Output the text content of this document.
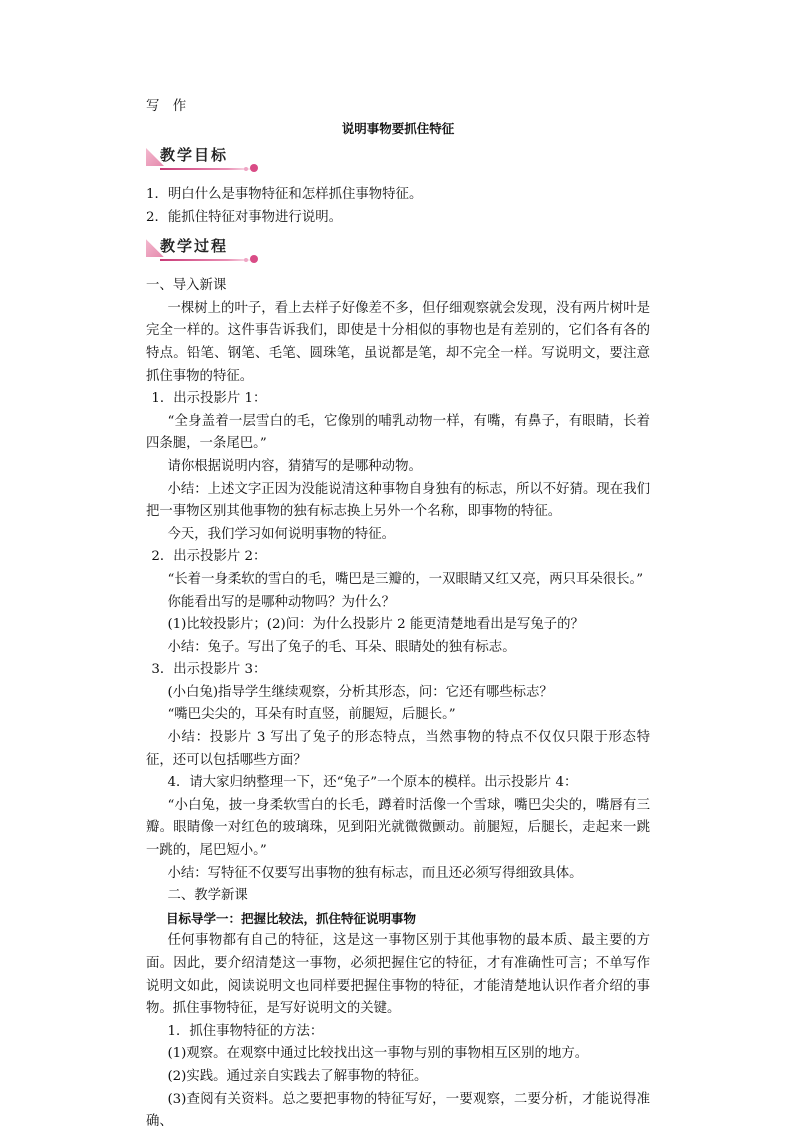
写　作

说明事物要抓住特征

教学目标

1．明白什么是事物特征和怎样抓住事物特征。

2．能抓住特征对事物进行说明。

教学过程

一、导入新课

一棵树上的叶子，看上去样子好像差不多，但仔细观察就会发现，没有两片树叶是完全一样的。这件事告诉我们，即使是十分相似的事物也是有差别的，它们各有各的特点。铅笔、钢笔、毛笔、圆珠笔，虽说都是笔，却不完全一样。写说明文，要注意抓住事物的特征。

1．出示投影片 1：

“全身盖着一层雪白的毛，它像别的哺乳动物一样，有嘴，有鼻子，有眼睛，长着四条腿，一条尾巴。”

请你根据说明内容，猜猜写的是哪种动物。

小结：上述文字正因为没能说清这种事物自身独有的标志，所以不好猜。现在我们把一事物区别其他事物的独有标志换上另外一个名称，即事物的特征。

今天，我们学习如何说明事物的特征。

2．出示投影片 2：

“长着一身柔软的雪白的毛，嘴巴是三瓣的，一双眼睛又红又亮，两只耳朵很长。”

你能看出写的是哪种动物吗？为什么？

(1)比较投影片；(2)问：为什么投影片 2 能更清楚地看出是写兔子的？

小结：兔子。写出了兔子的毛、耳朵、眼睛处的独有标志。

3．出示投影片 3：

(小白兔)指导学生继续观察，分析其形态，问：它还有哪些标志？

“嘴巴尖尖的，耳朵有时直竖，前腿短，后腿长。”

小结：投影片 3 写出了兔子的形态特点，当然事物的特点不仅仅只限于形态特征，还可以包括哪些方面？

4．请大家归纳整理一下，还“兔子”一个原本的模样。出示投影片 4：

“小白兔，披一身柔软雪白的长毛，蹲着时活像一个雪球，嘴巴尖尖的，嘴唇有三瓣。眼睛像一对红色的玻璃珠，见到阳光就微微颤动。前腿短，后腿长，走起来一跳一跳的，尾巴短小。”

小结：写特征不仅要写出事物的独有标志，而且还必须写得细致具体。

二、教学新课

目标导学一：把握比较法，抓住特征说明事物

任何事物都有自己的特征，这是这一事物区别于其他事物的最本质、最主要的方面。因此，要介绍清楚这一事物，必须把握住它的特征，才有准确性可言；不单写作说明文如此，阅读说明文也同样要把握住事物的特征，才能清楚地认识作者介绍的事物。抓住事物特征，是写好说明文的关键。

1．抓住事物特征的方法：

(1)观察。在观察中通过比较找出这一事物与别的事物相互区别的地方。

(2)实践。通过亲自实践去了解事物的特征。

(3)查阅有关资料。总之要把事物的特征写好，一要观察，二要分析，才能说得准确、
